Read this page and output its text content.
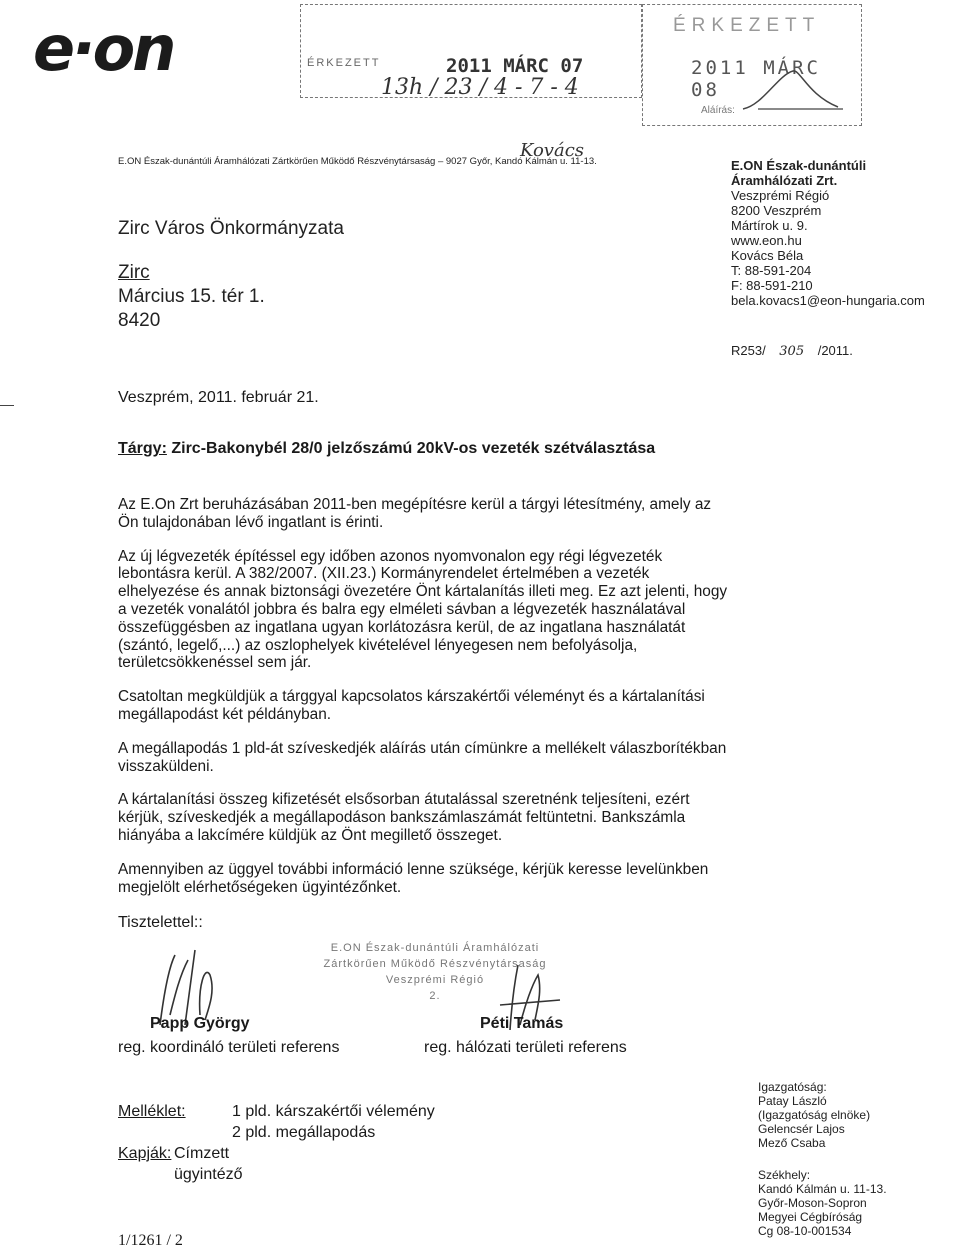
e·on	ÉRKEZETT	2011 MÁRC 07
13h / 23 / 4 - 7 - 4
ÉRKEZETT
2011 MÁRC 08
Aláírás:
E.ON Észak-dunántúli Áramhálózati Zártkörűen Működő Részvénytársaság – 9027 Győr, Kandó Kálmán u. 11-13.
Kovács
Zirc Város Önkormányzata
Zirc
Március 15. tér 1.
8420
E.ON Észak-dunántúli
Áramhálózati Zrt.
Veszprémi Régió
8200 Veszprém
Mártírok u. 9.
www.eon.hu
Kovács Béla
T: 88-591-204
F: 88-591-210
bela.kovacs1@eon-hungaria.com
R253/ 305 /2011.
Veszprém, 2011. február 21.
Tárgy: Zirc-Bakonybél 28/0 jelzőszámú 20kV-os vezeték szétválasztása

Az E.On Zrt beruházásában 2011-ben megépítésre kerül a tárgyi létesítmény, amely az Ön tulajdonában lévő ingatlant is érinti.

Az új légvezeték építéssel egy időben azonos nyomvonalon egy régi légvezeték lebontásra kerül. A 382/2007. (XII.23.) Kormányrendelet értelmében a vezeték elhelyezése és annak biztonsági övezetére Önt kártalanítás illeti meg. Ez azt jelenti, hogy a vezeték vonalától jobbra és balra egy elméleti sávban a légvezeték használatával összefüggésben az ingatlana ugyan korlátozásra kerül, de az ingatlana használatát (szántó, legelő,...) az oszlophelyek kivételével lényegesen nem befolyásolja, területcsökkenéssel sem jár.

Csatoltan megküldjük a tárggyal kapcsolatos kárszakértői véleményt és a kártalanítási megállapodást két példányban.

A megállapodás 1 pld-át szíveskedjék aláírás után címünkre a mellékelt válaszborítékban visszaküldeni.

A kártalanítási összeg kifizetését elsősorban átutalással szeretnénk teljesíteni, ezért kérjük, szíveskedjék a megállapodáson bankszámlaszámát feltüntetni. Bankszámla hiányába a lakcímére küldjük az Önt megillető összeget.

Amennyiben az üggyel további információ lenne szüksége, kérjük keresse levelünkben megjelölt elérhetőségeken ügyintézőnket.

Tisztelettel::
E.ON Észak-dunántúli Áramhálózati
Zártkörűen Működő Részvénytársaság
Veszprémi Régió
2.
Papp György	Péti Tamás
reg. koordináló területi referens	reg. hálózati területi referens
Melléklet:	1 pld. kárszakértői vélemény
2 pld. megállapodás
Kapják: Címzett
ügyintéző
Igazgatóság:
Patay László
(Igazgatóság elnöke)
Gelencsér Lajos
Mező Csaba
Székhely:
Kandó Kálmán u. 11-13.
Győr-Moson-Sopron
Megyei Cégbíróság
Cg 08-10-001534
1/1261 / 2
